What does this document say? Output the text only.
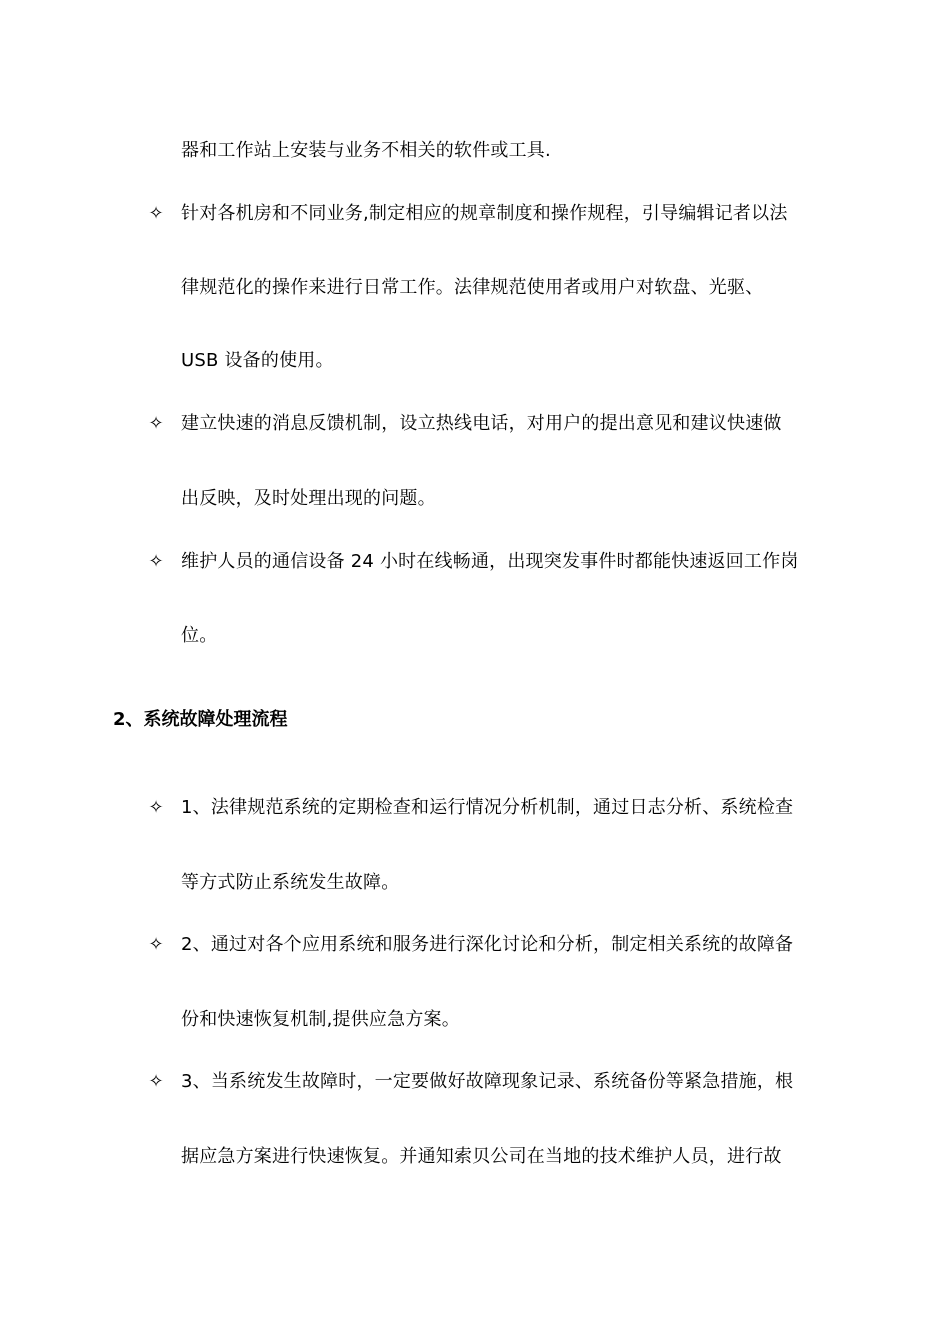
器和工作站上安装与业务不相关的软件或工具.
✧ 针对各机房和不同业务,制定相应的规章制度和操作规程，引导编辑记者以法
律规范化的操作来进行日常工作。法律规范使用者或用户对软盘、光驱、
USB 设备的使用。
✧ 建立快速的消息反馈机制，设立热线电话，对用户的提出意见和建议快速做
出反映，及时处理出现的问题。
✧ 维护人员的通信设备 24 小时在线畅通，出现突发事件时都能快速返回工作岗
位。
2、系统故障处理流程
✧ 1、法律规范系统的定期检查和运行情况分析机制，通过日志分析、系统检查
等方式防止系统发生故障。
✧ 2、通过对各个应用系统和服务进行深化讨论和分析，制定相关系统的故障备
份和快速恢复机制,提供应急方案。
✧ 3、当系统发生故障时，一定要做好故障现象记录、系统备份等紧急措施，根
据应急方案进行快速恢复。并通知索贝公司在当地的技术维护人员，进行故
